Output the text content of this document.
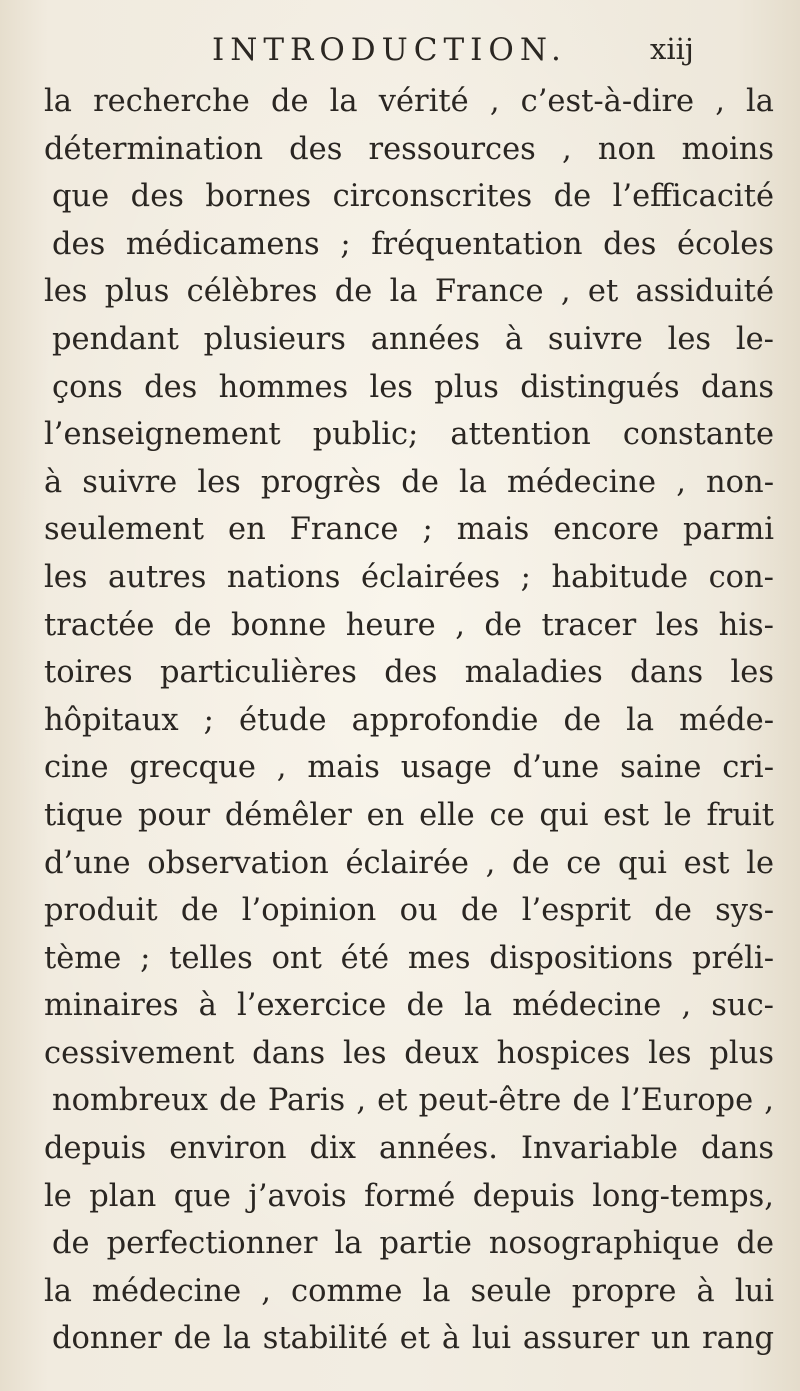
INTRODUCTION.	xiij
la recherche de la vérité , c’est-à-dire , la
détermination des ressources , non moins
que des bornes circonscrites de l’efficacité
des médicamens ; fréquentation des écoles
les plus célèbres de la France , et assiduité
pendant plusieurs années à suivre les le-
çons des hommes les plus distingués dans
l’enseignement public; attention constante
à suivre les progrès de la médecine , non-
seulement en France ; mais encore parmi
les autres nations éclairées ; habitude con-
tractée de bonne heure , de tracer les his-
toires particulières des maladies dans les
hôpitaux ; étude approfondie de la méde-
cine grecque , mais usage d’une saine cri-
tique pour démêler en elle ce qui est le fruit
d’une observation éclairée , de ce qui est le
produit de l’opinion ou de l’esprit de sys-
tème ; telles ont été mes dispositions préli-
minaires à l’exercice de la médecine , suc-
cessivement dans les deux hospices les plus
nombreux de Paris , et peut-être de l’Europe ,
depuis environ dix années. Invariable dans
le plan que j’avois formé depuis long-temps,
de perfectionner la partie nosographique de
la médecine , comme la seule propre à lui
donner de la stabilité et à lui assurer un rang
